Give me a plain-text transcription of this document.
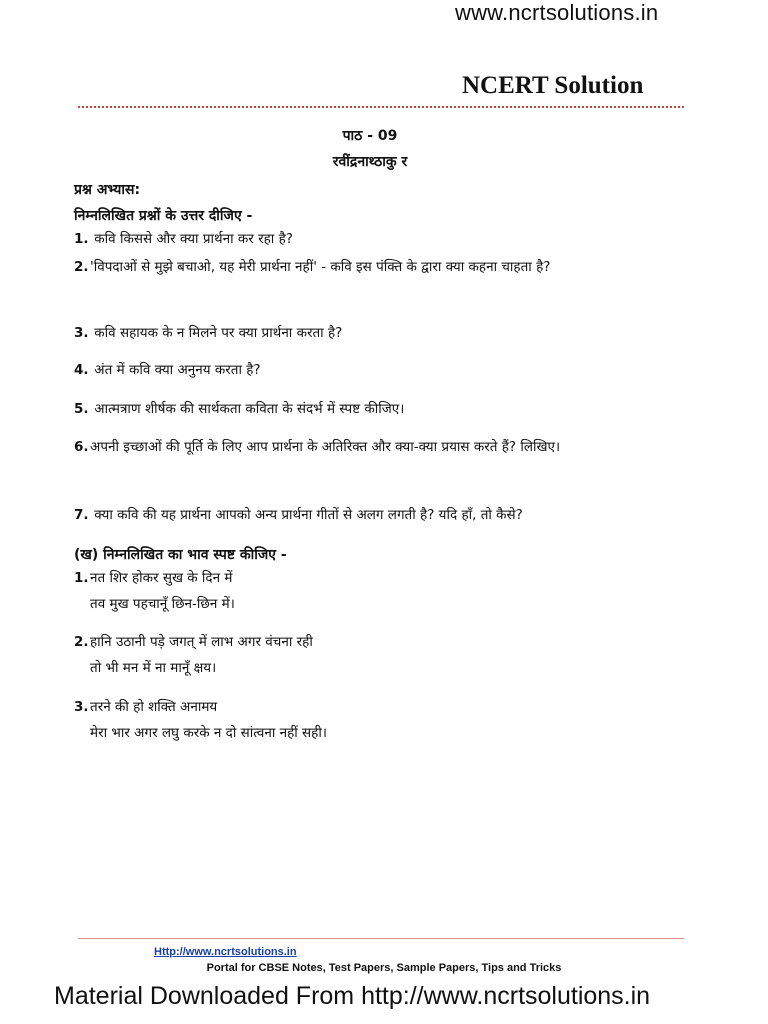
www.ncrtsolutions.in
NCERT Solution
पाठ - 09
रवींद्रनाथ्ठाकु र
प्रश्न अभ्यास:
निम्नलिखित प्रश्नों के उत्तर दीजिए -
1. कवि किससे और क्या प्रार्थना कर रहा है?
2. 'विपदाओं से मुझे बचाओ, यह मेरी प्रार्थना नहीं' - कवि इस पंक्ति के द्वारा क्या कहना चाहता है?
3. कवि सहायक के न मिलने पर क्या प्रार्थना करता है?
4. अंत में कवि क्या अनुनय करता है?
5. आत्मत्राण शीर्षक की सार्थकता कविता के संदर्भ में स्पष्ट कीजिए।
6. अपनी इच्छाओं की पूर्ति के लिए आप प्रार्थना के अतिरिक्त और क्या-क्या प्रयास करते हैं? लिखिए।
7. क्या कवि की यह प्रार्थना आपको अन्य प्रार्थना गीतों से अलग लगती है? यदि हाँ, तो कैसे?
(ख) निम्नलिखित का भाव स्पष्ट कीजिए -
1.नत शिर होकर सुख के दिन में
तव मुख पहचानूँ छिन-छिन में।
2.हानि उठानी पड़े जगत् में लाभ अगर वंचना रही
तो भी मन में ना मानूँ क्षय।
3.तरने की हो शक्ति अनामय
मेरा भार अगर लघु करके न दो सांत्वना नहीं सही।
Http://www.ncrtsolutions.in
Portal for CBSE Notes, Test Papers, Sample Papers, Tips and Tricks
Material Downloaded From http://www.ncrtsolutions.in
